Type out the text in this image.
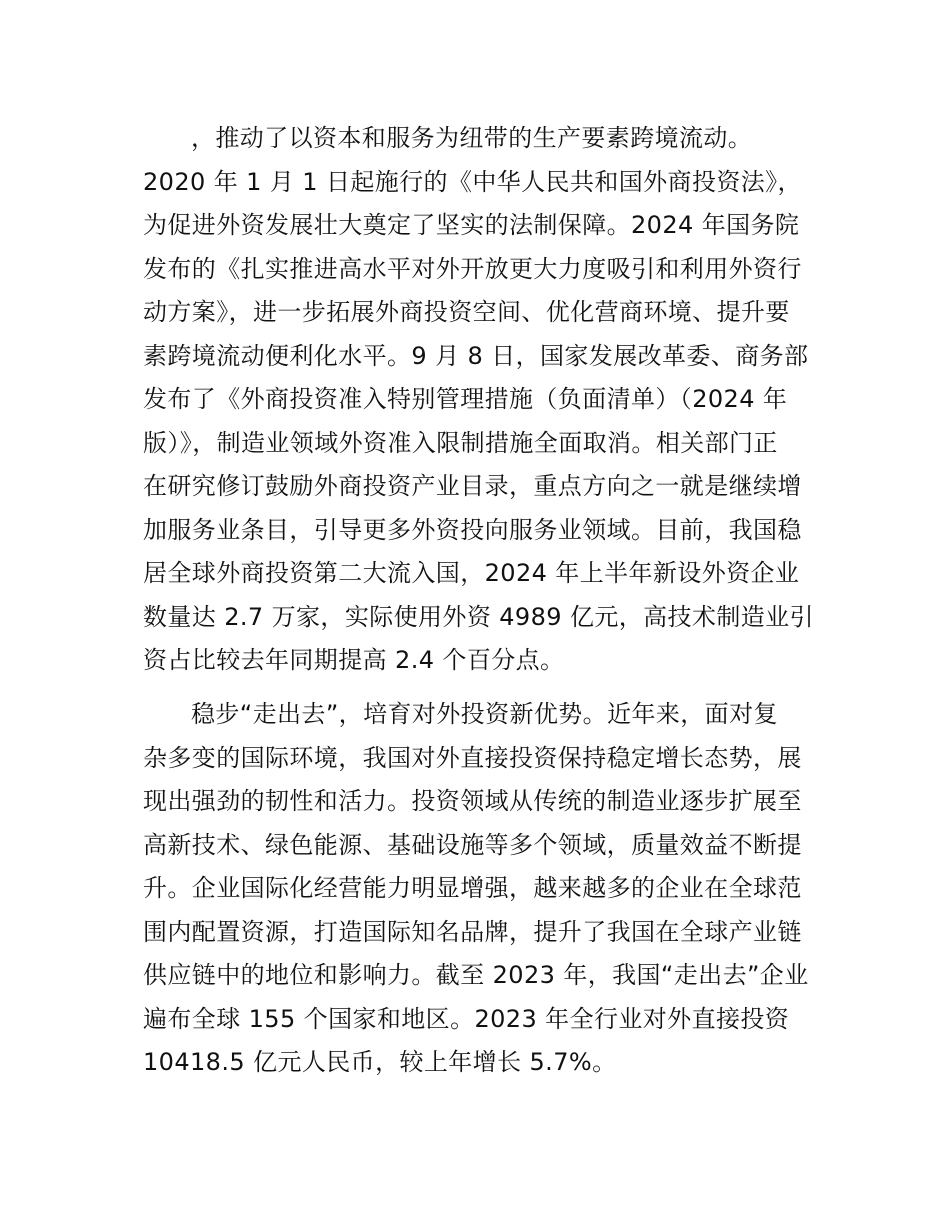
，推动了以资本和服务为纽带的生产要素跨境流动。

2020 年 1 月 1 日起施行的《中华人民共和国外商投资法》，

为促进外资发展壮大奠定了坚实的法制保障。2024 年国务院

发布的《扎实推进高水平对外开放更大力度吸引和利用外资行

动方案》，进一步拓展外商投资空间、优化营商环境、提升要

素跨境流动便利化水平。9 月 8 日，国家发展改革委、商务部

发布了《外商投资准入特别管理措施（负面清单）（2024 年

版）》，制造业领域外资准入限制措施全面取消。相关部门正

在研究修订鼓励外商投资产业目录，重点方向之一就是继续增

加服务业条目，引导更多外资投向服务业领域。目前，我国稳

居全球外商投资第二大流入国，2024 年上半年新设外资企业

数量达 2.7 万家，实际使用外资 4989 亿元，高技术制造业引

资占比较去年同期提高 2.4 个百分点。

稳步“走出去”，培育对外投资新优势。近年来，面对复

杂多变的国际环境，我国对外直接投资保持稳定增长态势，展

现出强劲的韧性和活力。投资领域从传统的制造业逐步扩展至

高新技术、绿色能源、基础设施等多个领域，质量效益不断提

升。企业国际化经营能力明显增强，越来越多的企业在全球范

围内配置资源，打造国际知名品牌，提升了我国在全球产业链

供应链中的地位和影响力。截至 2023 年，我国“走出去”企业

遍布全球 155 个国家和地区。2023 年全行业对外直接投资

10418.5 亿元人民币，较上年增长 5.7%。
